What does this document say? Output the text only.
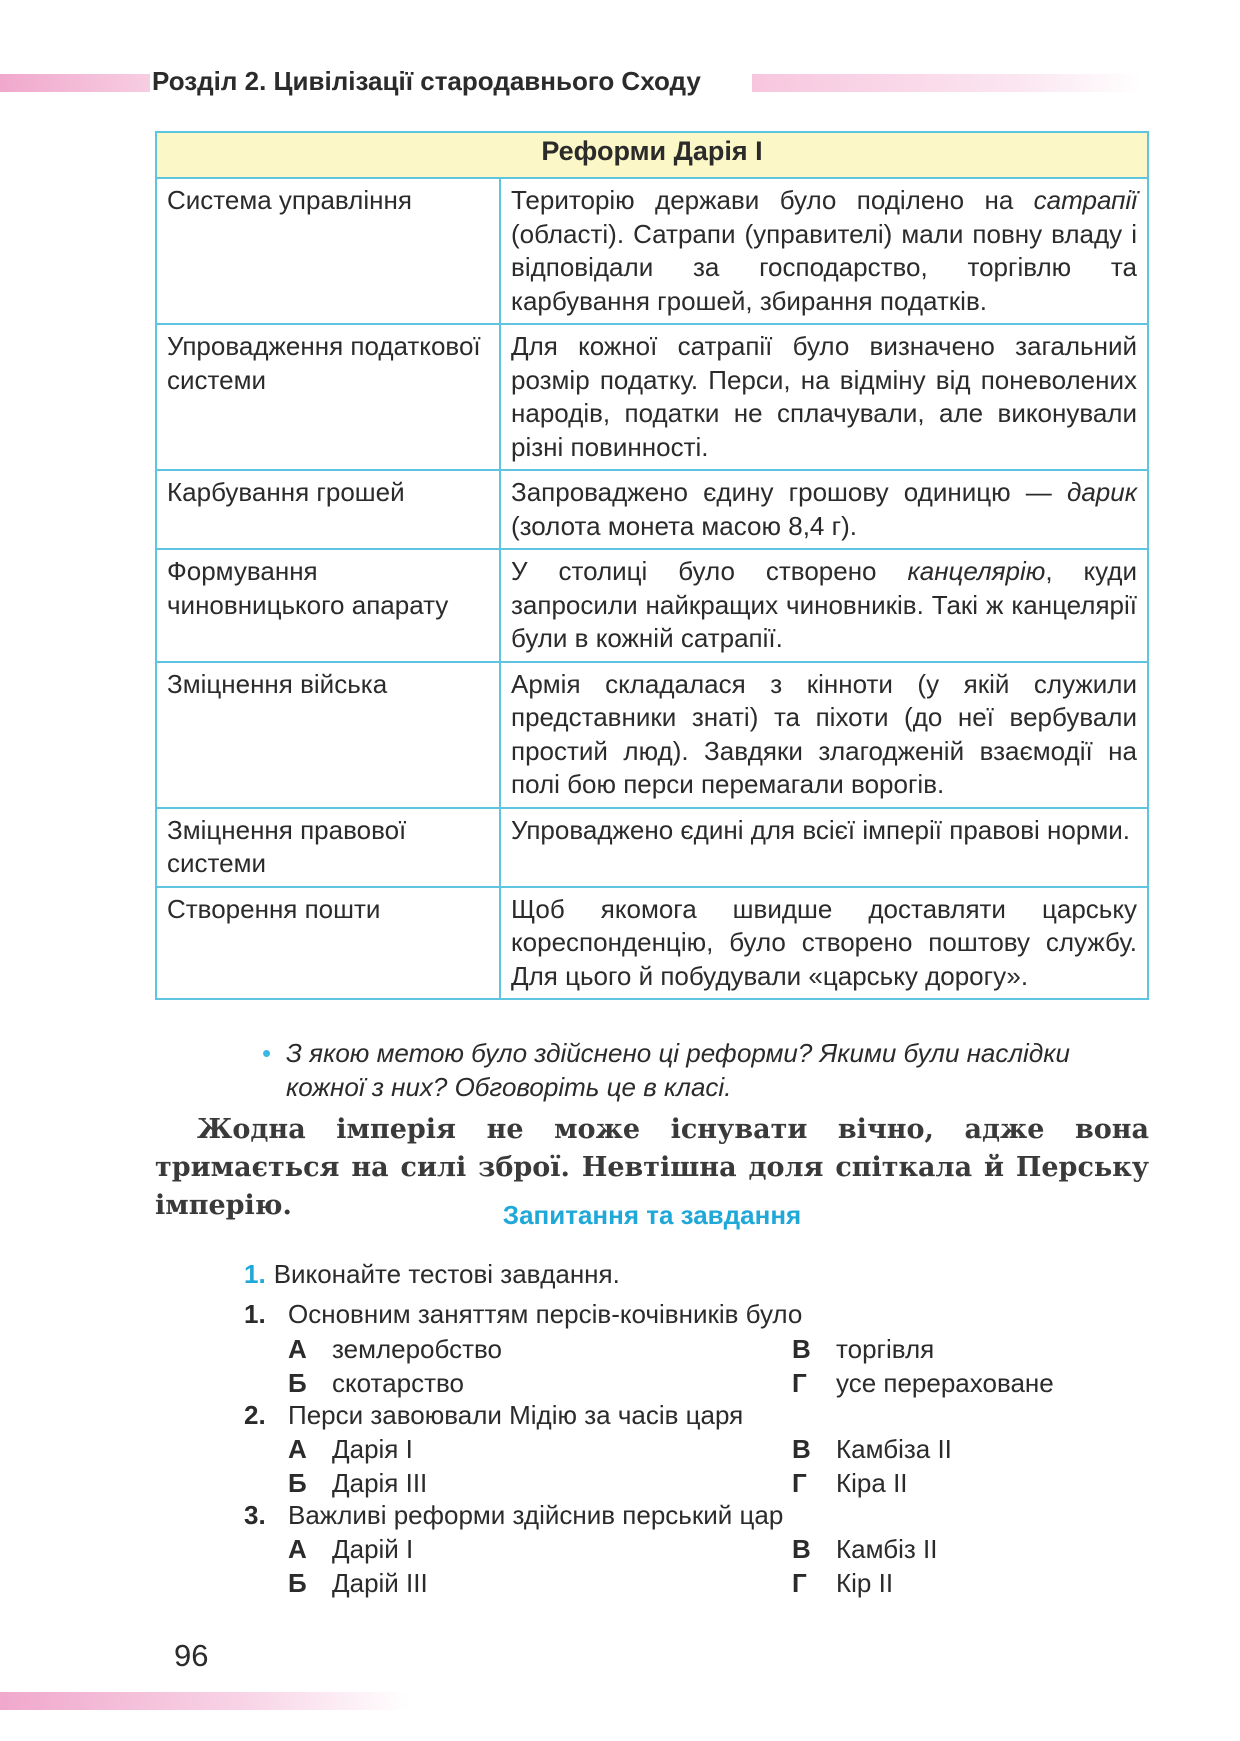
Розділ 2. Цивілізації стародавнього Сходу
Реформи Дарія I	
Система управління	Територію держави було поділено на сатрапії (області). Сатрапи (управителі) мали повну владу і відповідали за господарство, торгівлю та карбування грошей, збирання податків.
Упровадження податкової системи	Для кожної сатрапії було визначено загальний розмір податку. Перси, на відміну від поневолених народів, податки не сплачували, але виконували різні повинності.
Карбування грошей	Запроваджено єдину грошову одиницю — дарик (золота монета масою 8,4 г).
Формування чиновницького апарату	У столиці було створено канцелярію, куди запросили найкращих чиновників. Такі ж канцелярії були в кожній сатрапії.
Зміцнення війська	Армія складалася з кінноти (у якій служили представники знаті) та піхоти (до неї вербували простий люд). Завдяки злагодженій взаємодії на полі бою перси перемагали ворогів.
Зміцнення правової системи	Упроваджено єдині для всієї імперії правові норми.
Створення пошти	Щоб якомога швидше доставляти царську кореспонденцію, було створено поштову службу. Для цього й побудували «царську дорогу».
• З якою метою було здійснено ці реформи? Якими були наслідки кожної з них? Обговоріть це в класі.
Жодна імперія не може існувати вічно, адже вона тримається на силі зброї. Невтішна доля спіткала й Перську імперію.	Запитання та завдання
1. Виконайте тестові завдання.
1. Основним заняттям персів-кочівників було
А землеробство
Б скотарство
В торгівля
Г усе перераховане
2. Перси завоювали Мідію за часів царя
А Дарія I
Б Дарія III
В Камбіза II
Г Кіра II
3. Важливі реформи здійснив перський цар
А Дарій I
Б Дарій III
В Камбіз II
Г Кір II
96
